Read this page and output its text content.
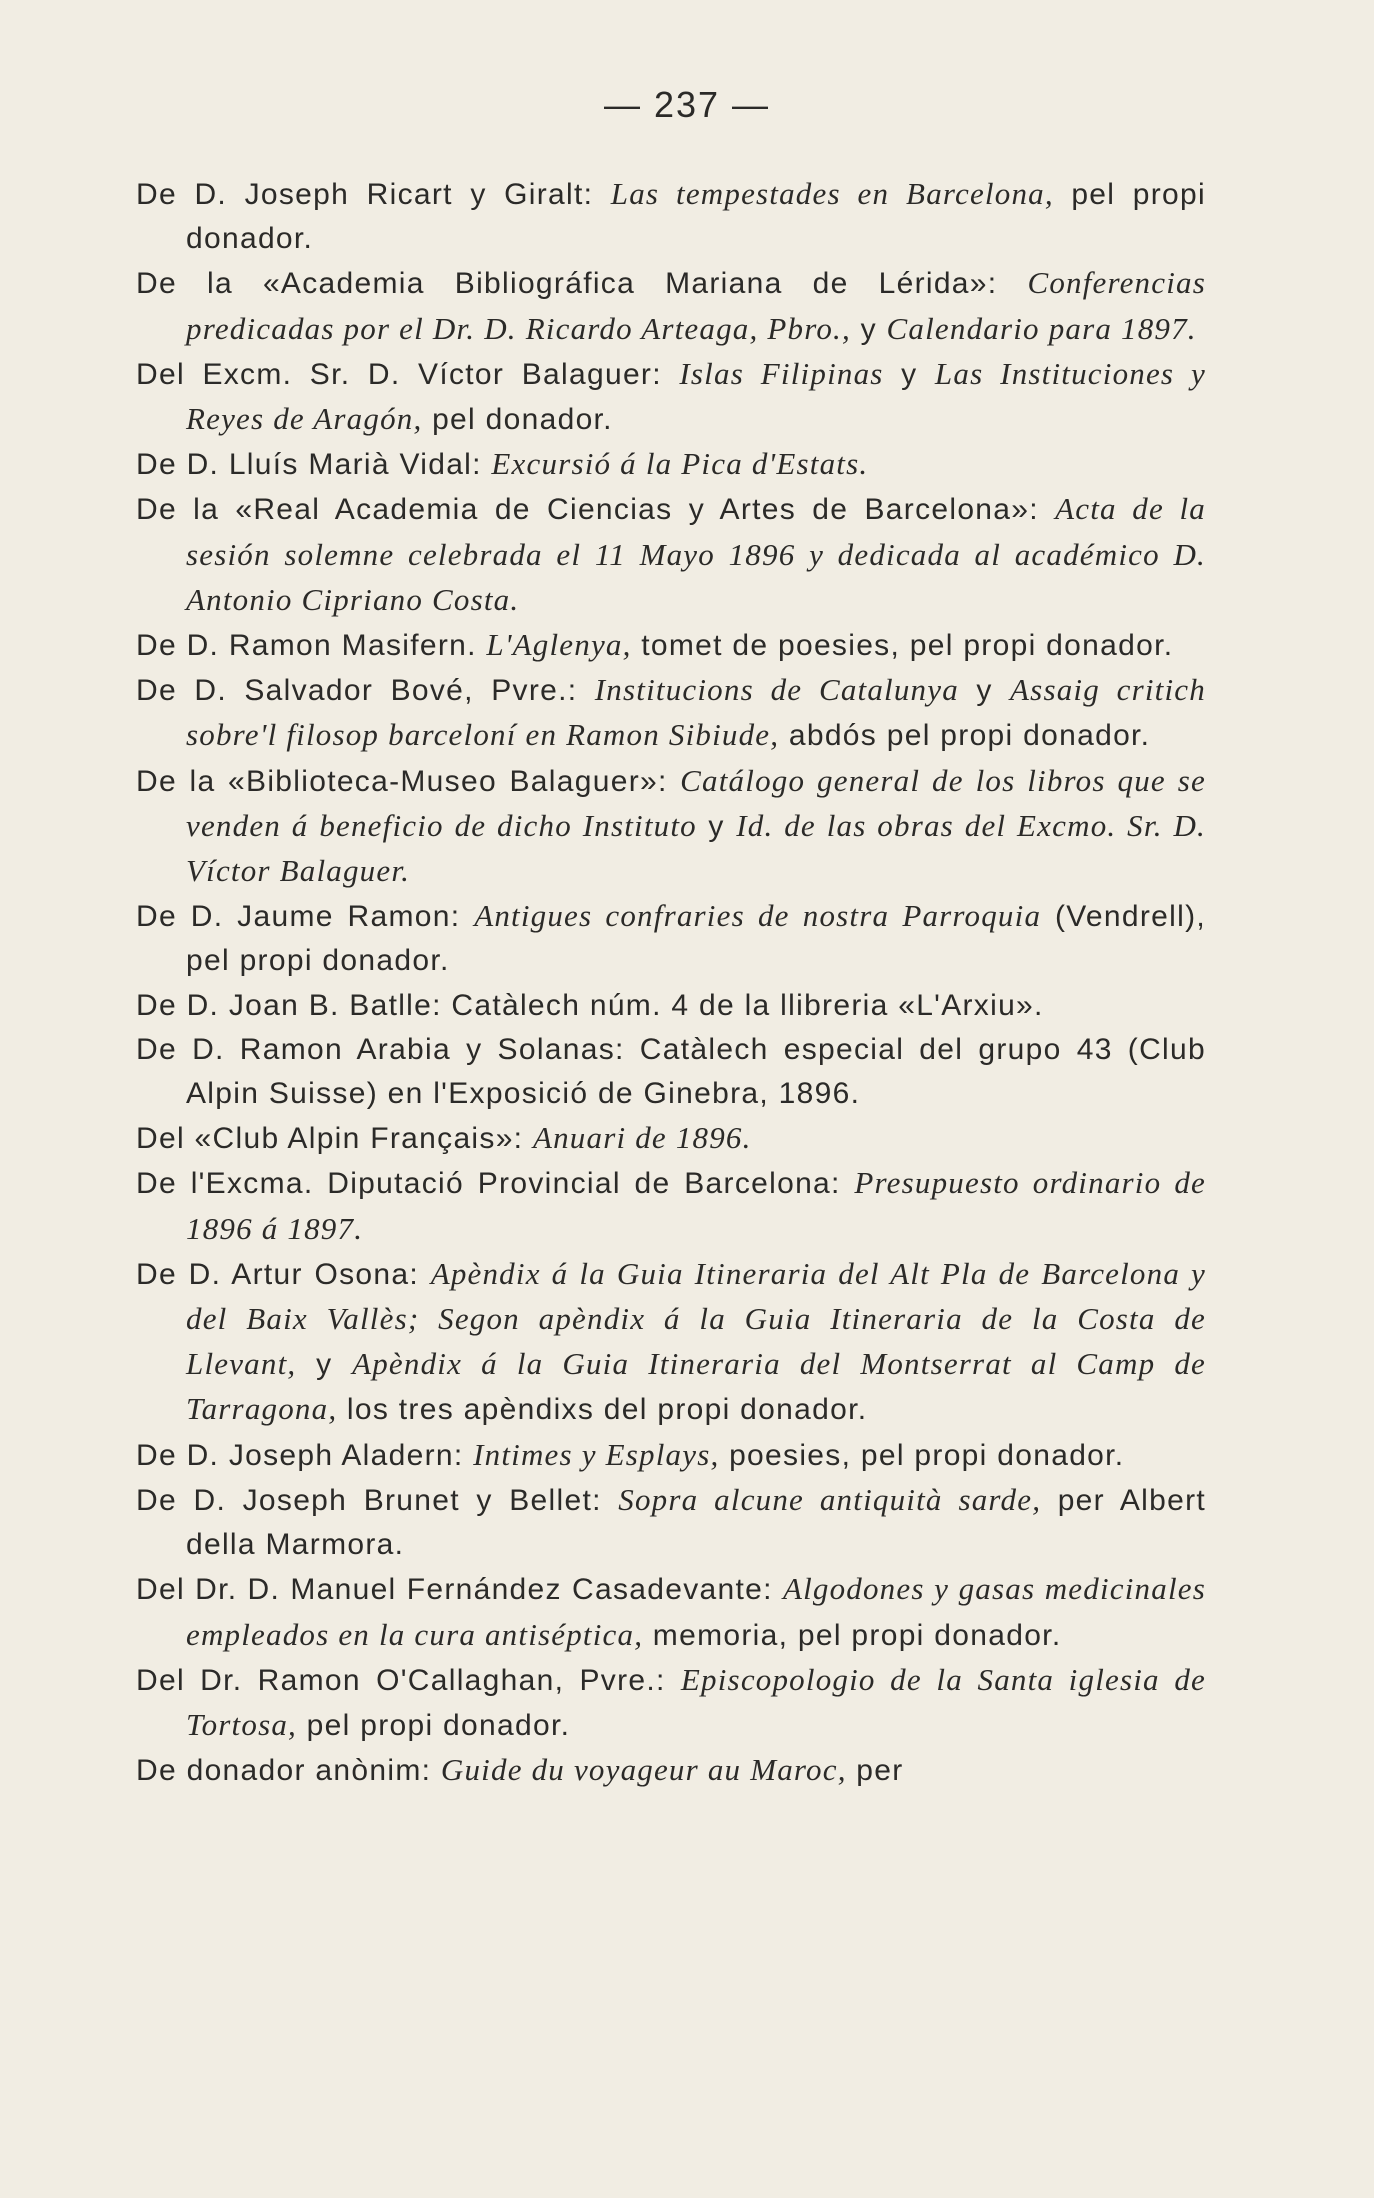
— 237 —
De D. Joseph Ricart y Giralt: Las tempestades en Barcelona, pel propi donador.
De la «Academia Bibliográfica Mariana de Lérida»: Conferencias predicadas por el Dr. D. Ricardo Arteaga, Pbro., y Calendario para 1897.
Del Excm. Sr. D. Víctor Balaguer: Islas Filipinas y Las Instituciones y Reyes de Aragón, pel donador.
De D. Lluís Marià Vidal: Excursió á la Pica d'Estats.
De la «Real Academia de Ciencias y Artes de Barcelona»: Acta de la sesión solemne celebrada el 11 Mayo 1896 y dedicada al académico D. Antonio Cipriano Costa.
De D. Ramon Masifern. L'Aglenya, tomet de poesies, pel propi donador.
De D. Salvador Bové, Pvre.: Institucions de Catalunya y Assaig critich sobre'l filosop barceloní en Ramon Sibiude, abdós pel propi donador.
De la «Biblioteca-Museo Balaguer»: Catálogo general de los libros que se venden á beneficio de dicho Instituto y Id. de las obras del Excmo. Sr. D. Víctor Balaguer.
De D. Jaume Ramon: Antigues confraries de nostra Parroquia (Vendrell), pel propi donador.
De D. Joan B. Batlle: Catàlech núm. 4 de la llibreria «L'Arxiu».
De D. Ramon Arabia y Solanas: Catàlech especial del grupo 43 (Club Alpin Suisse) en l'Exposició de Ginebra, 1896.
Del «Club Alpin Français»: Anuari de 1896.
De l'Excma. Diputació Provincial de Barcelona: Presupuesto ordinario de 1896 á 1897.
De D. Artur Osona: Apèndix á la Guia Itineraria del Alt Pla de Barcelona y del Baix Vallès; Segon apèndix á la Guia Itineraria de la Costa de Llevant, y Apèndix á la Guia Itineraria del Montserrat al Camp de Tarragona, los tres apèndixs del propi donador.
De D. Joseph Aladern: Intimes y Esplays, poesies, pel propi donador.
De D. Joseph Brunet y Bellet: Sopra alcune antiquità sarde, per Albert della Marmora.
Del Dr. D. Manuel Fernández Casadevante: Algodones y gasas medicinales empleados en la cura antiséptica, memoria, pel propi donador.
Del Dr. Ramon O'Callaghan, Pvre.: Episcopologio de la Santa iglesia de Tortosa, pel propi donador.
De donador anònim: Guide du voyageur au Maroc, per
